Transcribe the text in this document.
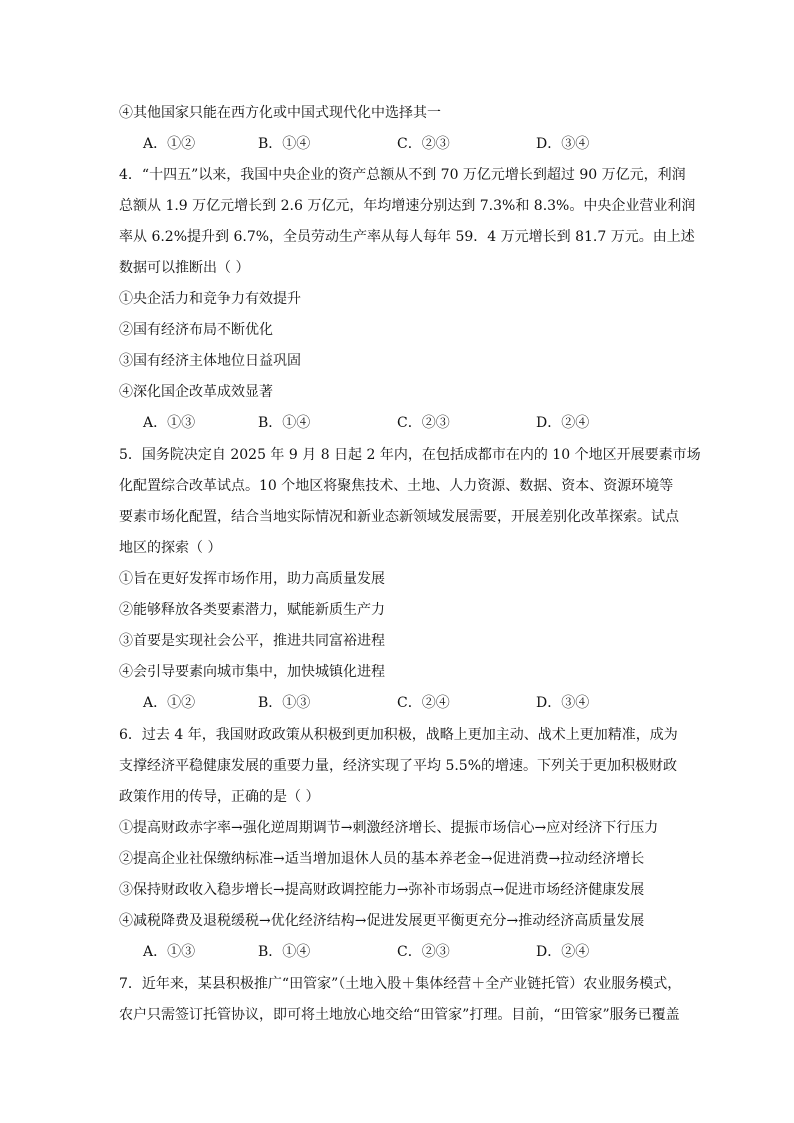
④其他国家只能在西方化或中国式现代化中选择其一
A．①②	B．①④	C．②③	D．③④
4．“十四五”以来，我国中央企业的资产总额从不到 70 万亿元增长到超过 90 万亿元，利润
总额从 1.9 万亿元增长到 2.6 万亿元，年均增速分别达到 7.3%和 8.3%。中央企业营业利润
率从 6.2%提升到 6.7%，全员劳动生产率从每人每年 59．4 万元增长到 81.7 万元。由上述
数据可以推断出（ ）
①央企活力和竞争力有效提升
②国有经济布局不断优化
③国有经济主体地位日益巩固
④深化国企改革成效显著
A．①③	B．①④	C．②③	D．②④
5．国务院决定自 2025 年 9 月 8 日起 2 年内，在包括成都市在内的 10 个地区开展要素市场
化配置综合改革试点。10 个地区将聚焦技术、土地、人力资源、数据、资本、资源环境等
要素市场化配置，结合当地实际情况和新业态新领域发展需要，开展差别化改革探索。试点
地区的探索（ ）
①旨在更好发挥市场作用，助力高质量发展
②能够释放各类要素潜力，赋能新质生产力
③首要是实现社会公平，推进共同富裕进程
④会引导要素向城市集中，加快城镇化进程
A．①②	B．①③	C．②④	D．③④
6．过去 4 年，我国财政政策从积极到更加积极，战略上更加主动、战术上更加精准，成为
支撑经济平稳健康发展的重要力量，经济实现了平均 5.5%的增速。下列关于更加积极财政
政策作用的传导，正确的是（ ）
①提高财政赤字率→强化逆周期调节→刺激经济增长、提振市场信心→应对经济下行压力
②提高企业社保缴纳标准→适当增加退休人员的基本养老金→促进消费→拉动经济增长
③保持财政收入稳步增长→提高财政调控能力→弥补市场弱点→促进市场经济健康发展
④减税降费及退税缓税→优化经济结构→促进发展更平衡更充分→推动经济高质量发展
A．①③	B．①④	C．②③	D．②④
7．近年来，某县积极推广“田管家”（土地入股＋集体经营＋全产业链托管）农业服务模式，
农户只需签订托管协议，即可将土地放心地交给“田管家”打理。目前，“田管家”服务已覆盖
